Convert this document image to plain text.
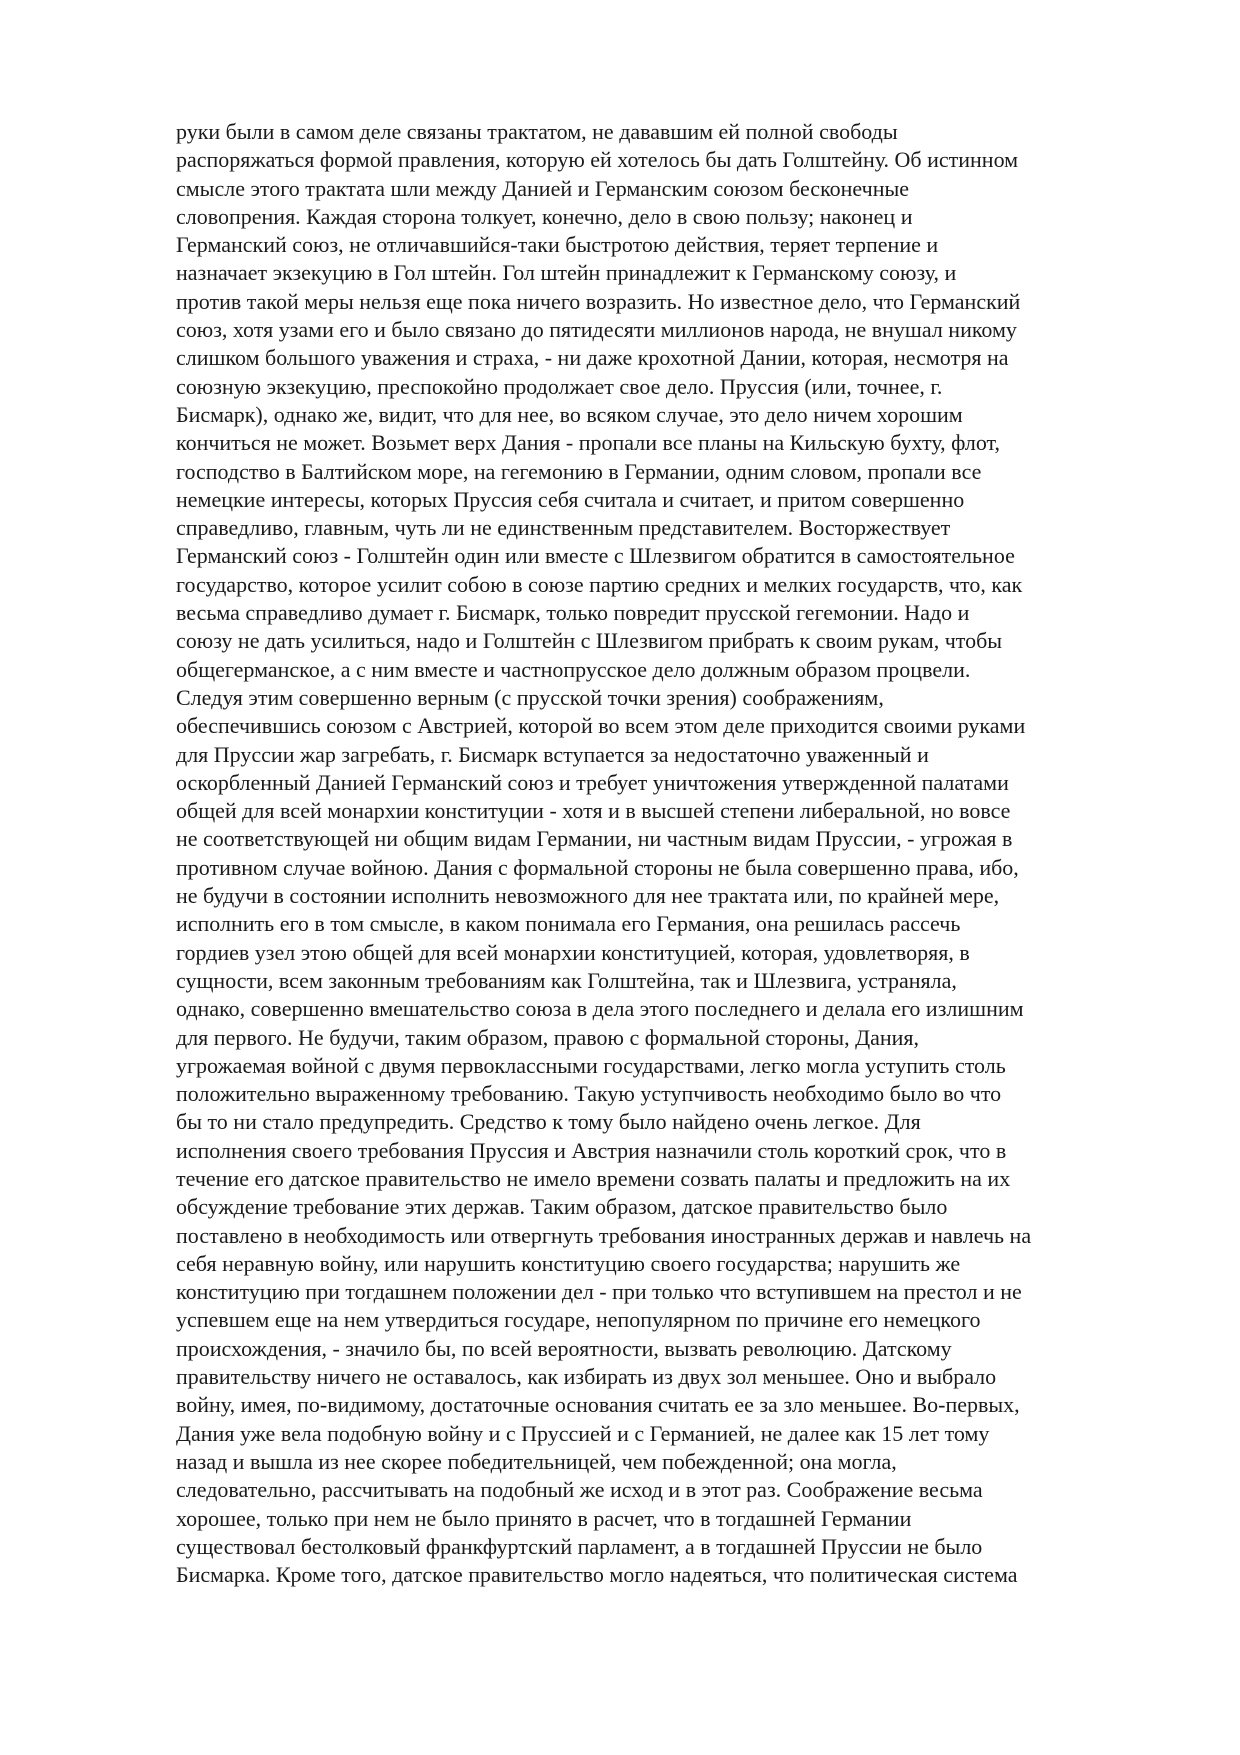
руки были в самом деле связаны трактатом, не дававшим ей полной свободы
распоряжаться формой правления, которую ей хотелось бы дать Голштейну. Об истинном
смысле этого трактата шли между Данией и Германским союзом бесконечные
словопрения. Каждая сторона толкует, конечно, дело в свою пользу; наконец и
Германский союз, не отличавшийся-таки быстротою действия, теряет терпение и
назначает экзекуцию в Гол штейн. Гол штейн принадлежит к Германскому союзу, и
против такой меры нельзя еще пока ничего возразить. Но известное дело, что Германский
союз, хотя узами его и было связано до пятидесяти миллионов народа, не внушал никому
слишком большого уважения и страха, - ни даже крохотной Дании, которая, несмотря на
союзную экзекуцию, преспокойно продолжает свое дело. Пруссия (или, точнее, г.
Бисмарк), однако же, видит, что для нее, во всяком случае, это дело ничем хорошим
кончиться не может. Возьмет верх Дания - пропали все планы на Кильскую бухту, флот,
господство в Балтийском море, на гегемонию в Германии, одним словом, пропали все
немецкие интересы, которых Пруссия себя считала и считает, и притом совершенно
справедливо, главным, чуть ли не единственным представителем. Восторжествует
Германский союз - Голштейн один или вместе с Шлезвигом обратится в самостоятельное
государство, которое усилит собою в союзе партию средних и мелких государств, что, как
весьма справедливо думает г. Бисмарк, только повредит прусской гегемонии. Надо и
союзу не дать усилиться, надо и Голштейн с Шлезвигом прибрать к своим рукам, чтобы
общегерманское, а с ним вместе и частнопрусское дело должным образом процвели.
Следуя этим совершенно верным (с прусской точки зрения) соображениям,
обеспечившись союзом с Австрией, которой во всем этом деле приходится своими руками
для Пруссии жар загребать, г. Бисмарк вступается за недостаточно уваженный и
оскорбленный Данией Германский союз и требует уничтожения утвержденной палатами
общей для всей монархии конституции - хотя и в высшей степени либеральной, но вовсе
не соответствующей ни общим видам Германии, ни частным видам Пруссии, - угрожая в
противном случае войною. Дания с формальной стороны не была совершенно права, ибо,
не будучи в состоянии исполнить невозможного для нее трактата или, по крайней мере,
исполнить его в том смысле, в каком понимала его Германия, она решилась рассечь
гордиев узел этою общей для всей монархии конституцией, которая, удовлетворяя, в
сущности, всем законным требованиям как Голштейна, так и Шлезвига, устраняла,
однако, совершенно вмешательство союза в дела этого последнего и делала его излишним
для первого. Не будучи, таким образом, правою с формальной стороны, Дания,
угрожаемая войной с двумя первоклассными государствами, легко могла уступить столь
положительно выраженному требованию. Такую уступчивость необходимо было во что
бы то ни стало предупредить. Средство к тому было найдено очень легкое. Для
исполнения своего требования Пруссия и Австрия назначили столь короткий срок, что в
течение его датское правительство не имело времени созвать палаты и предложить на их
обсуждение требование этих держав. Таким образом, датское правительство было
поставлено в необходимость или отвергнуть требования иностранных держав и навлечь на
себя неравную войну, или нарушить конституцию своего государства; нарушить же
конституцию при тогдашнем положении дел - при только что вступившем на престол и не
успевшем еще на нем утвердиться государе, непопулярном по причине его немецкого
происхождения, - значило бы, по всей вероятности, вызвать революцию. Датскому
правительству ничего не оставалось, как избирать из двух зол меньшее. Оно и выбрало
войну, имея, по-видимому, достаточные основания считать ее за зло меньшее. Во-первых,
Дания уже вела подобную войну и с Пруссией и с Германией, не далее как 15 лет тому
назад и вышла из нее скорее победительницей, чем побежденной; она могла,
следовательно, рассчитывать на подобный же исход и в этот раз. Соображение весьма
хорошее, только при нем не было принято в расчет, что в тогдашней Германии
существовал бестолковый франкфуртский парламент, а в тогдашней Пруссии не было
Бисмарка. Кроме того, датское правительство могло надеяться, что политическая система
